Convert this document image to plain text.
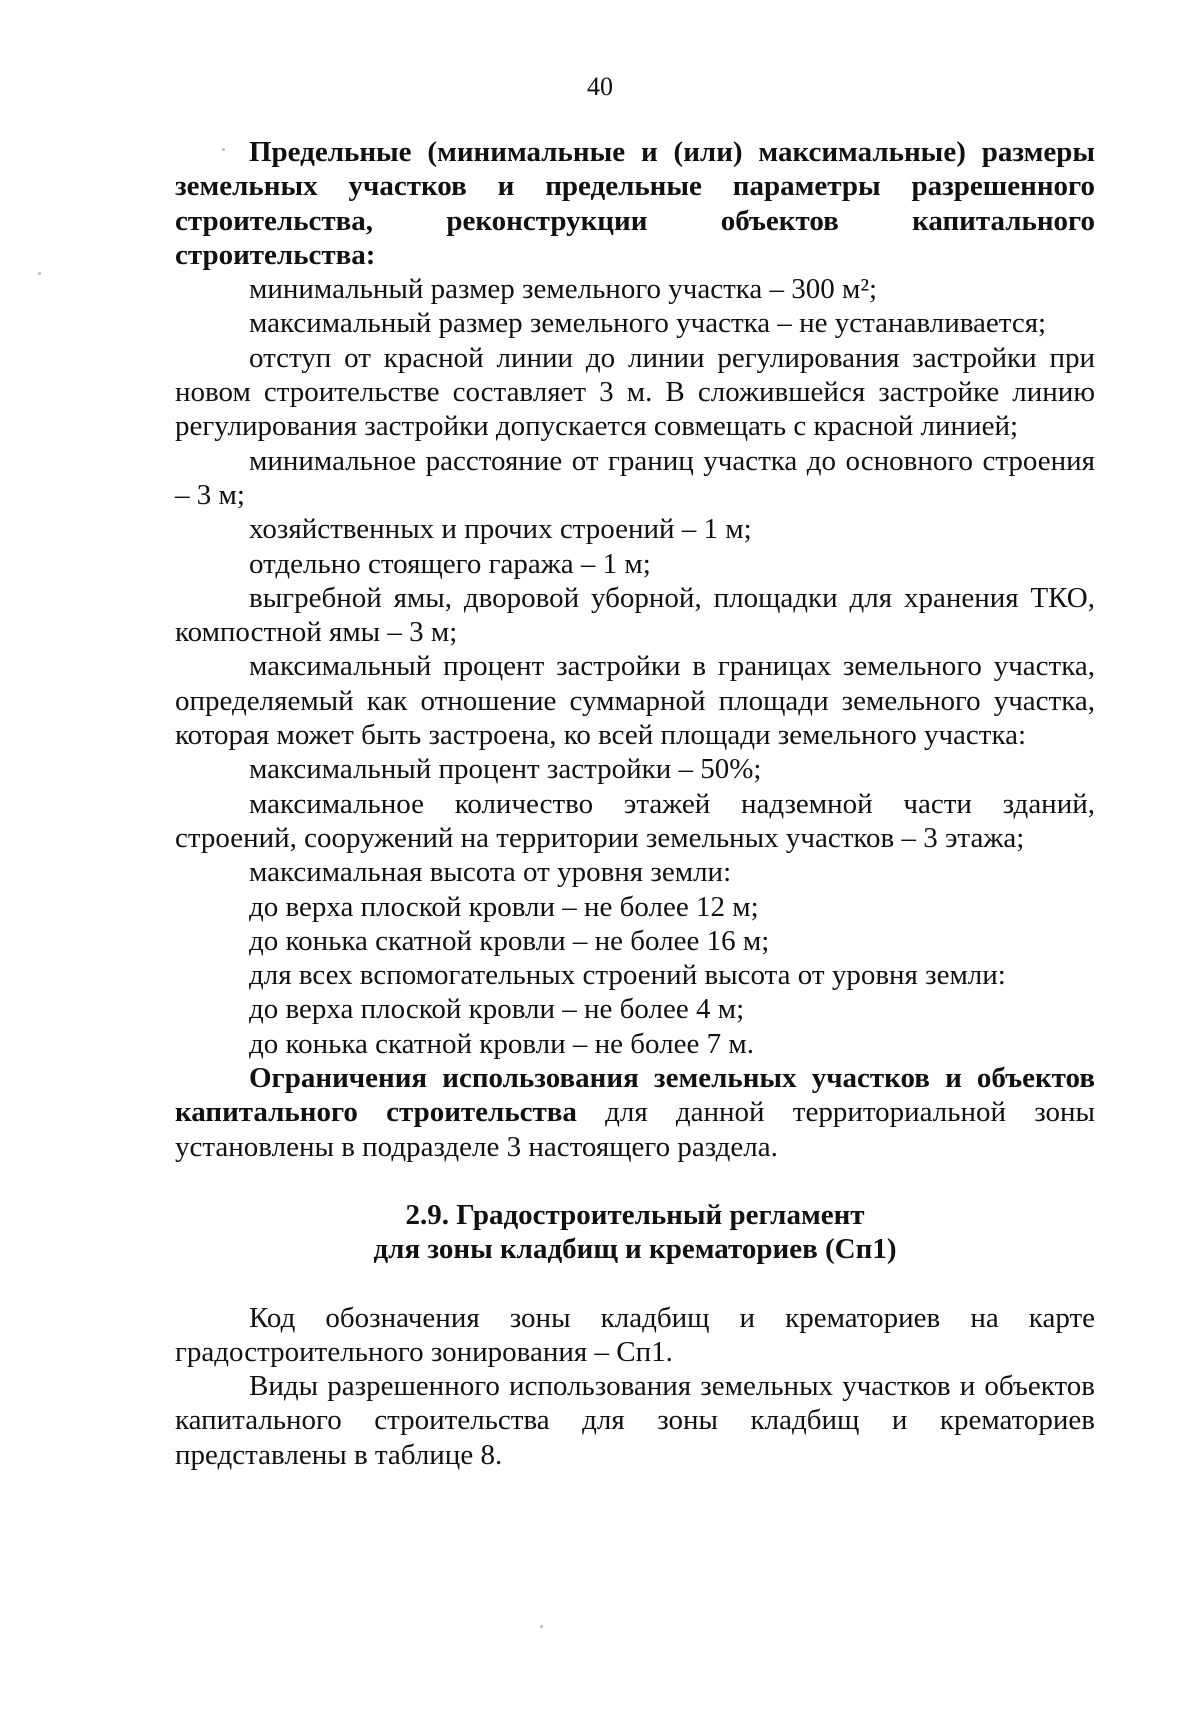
40

Предельные (минимальные и (или) максимальные) размеры земельных участков и предельные параметры разрешенного строительства, реконструкции объектов капитального строительства:

минимальный размер земельного участка – 300 м²;

максимальный размер земельного участка – не устанавливается;

отступ от красной линии до линии регулирования застройки при новом строительстве составляет 3 м. В сложившейся застройке линию регулирования застройки допускается совмещать с красной линией;

минимальное расстояние от границ участка до основного строения – 3 м;

хозяйственных и прочих строений – 1 м;

отдельно стоящего гаража – 1 м;

выгребной ямы, дворовой уборной, площадки для хранения ТКО, компостной ямы – 3 м;

максимальный процент застройки в границах земельного участка, определяемый как отношение суммарной площади земельного участка, которая может быть застроена, ко всей площади земельного участка:

максимальный процент застройки – 50%;

максимальное количество этажей надземной части зданий, строений, сооружений на территории земельных участков – 3 этажа;

максимальная высота от уровня земли:

до верха плоской кровли – не более 12 м;

до конька скатной кровли – не более 16 м;

для всех вспомогательных строений высота от уровня земли:

до верха плоской кровли – не более 4 м;

до конька скатной кровли – не более 7 м.

Ограничения использования земельных участков и объектов капитального строительства для данной территориальной зоны установлены в подразделе 3 настоящего раздела.

2.9. Градостроительный регламент

для зоны кладбищ и крематориев (Сп1)

Код обозначения зоны кладбищ и крематориев на карте градостроительного зонирования – Сп1.

Виды разрешенного использования земельных участков и объектов капитального строительства для зоны кладбищ и крематориев представлены в таблице 8.
